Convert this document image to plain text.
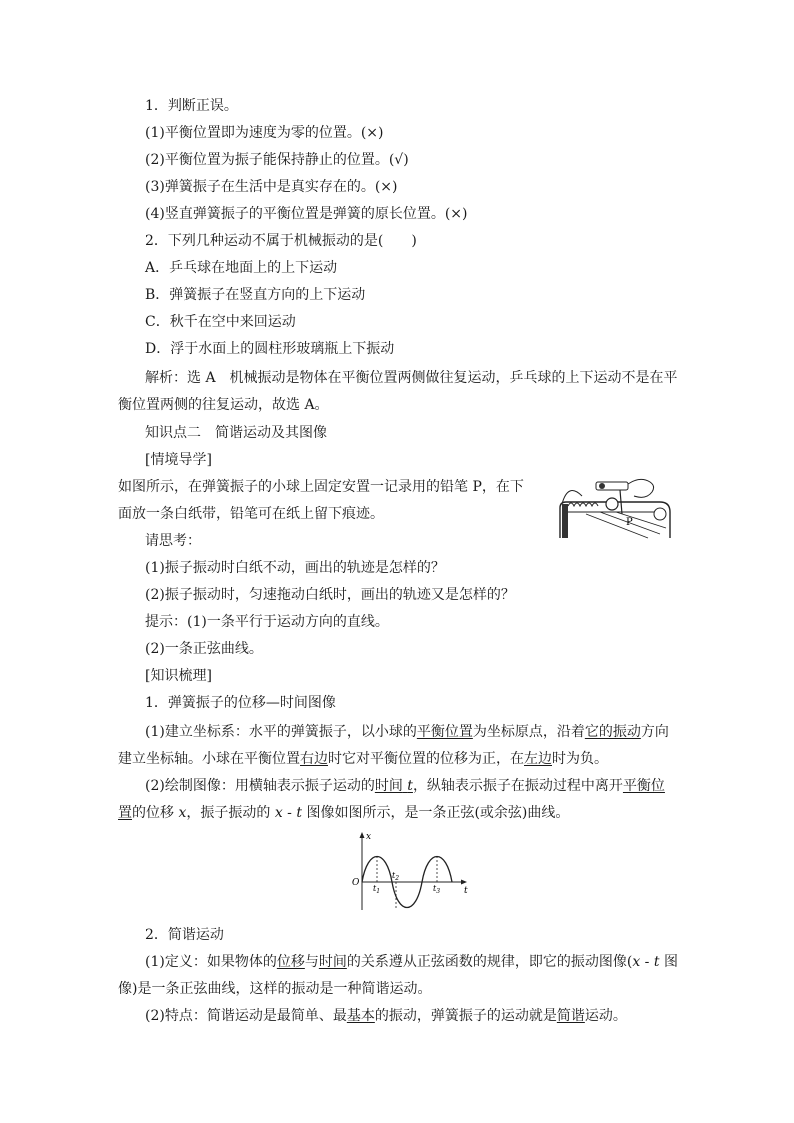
1．判断正误。
(1)平衡位置即为速度为零的位置。(×)
(2)平衡位置为振子能保持静止的位置。(√)
(3)弹簧振子在生活中是真实存在的。(×)
(4)竖直弹簧振子的平衡位置是弹簧的原长位置。(×)
2．下列几种运动不属于机械振动的是(　　)
A．乒乓球在地面上的上下运动
B．弹簧振子在竖直方向的上下运动
C．秋千在空中来回运动
D．浮于水面上的圆柱形玻璃瓶上下振动
解析：选 A　机械振动是物体在平衡位置两侧做往复运动，乒乓球的上下运动不是在平
衡位置两侧的往复运动，故选 A。
知识点二　简谐运动及其图像
[情境导学]
如图所示，在弹簧振子的小球上固定安置一记录用的铅笔 P，在下
面放一条白纸带，铅笔可在纸上留下痕迹。
P
请思考：
(1)振子振动时白纸不动，画出的轨迹是怎样的？
(2)振子振动时，匀速拖动白纸时，画出的轨迹又是怎样的？
提示：(1)一条平行于运动方向的直线。
(2)一条正弦曲线。
[知识梳理]
1．弹簧振子的位移—时间图像
(1)建立坐标系：水平的弹簧振子，以小球的平衡位置为坐标原点，沿着它的振动方向
建立坐标轴。小球在平衡位置右边时它对平衡位置的位移为正，在左边时为负。
(2)绘制图像：用横轴表示振子运动的时间 t，纵轴表示振子在振动过程中离开平衡位
置的位移 x，振子振动的 x - t 图像如图所示，是一条正弦(或余弦)曲线。
x
t
O
$t_1$
$t_2$
$t_3$
2．简谐运动
(1)定义：如果物体的位移与时间的关系遵从正弦函数的规律，即它的振动图像(x - t 图
像)是一条正弦曲线，这样的振动是一种简谐运动。
(2)特点：简谐运动是最简单、最基本的振动，弹簧振子的运动就是简谐运动。
